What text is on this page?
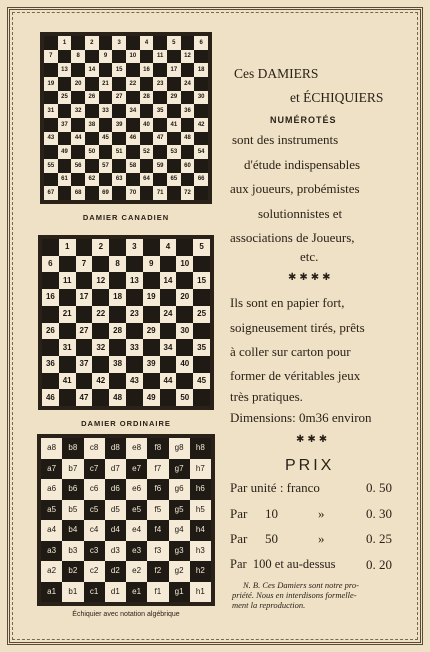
1	2	3	4	5	6
7	8	9	10	11	12
13	14	15	16	17	18
19	20	21	22	23	24
25	26	27	28	29	30
31	32	33	34	35	36
37	38	39	40	41	42
43	44	45	46	47	48
49	50	51	52	53	54
55	56	57	58	59	60
61	62	63	64	65	66
67	68	69	70	71	72
DAMIER CANADIEN
1	2	3	4	5
6	7	8	9	10
11	12	13	14	15
16	17	18	19	20
21	22	23	24	25
26	27	28	29	30
31	32	33	34	35
36	37	38	39	40
41	42	43	44	45
46	47	48	49	50
DAMIER ORDINAIRE
a8	b8	c8	d8	e8	f8	g8	h8
a7	b7	c7	d7	e7	f7	g7	h7
a6	b6	c6	d6	e6	f6	g6	h6
a5	b5	c5	d5	e5	f5	g5	h5
a4	b4	c4	d4	e4	f4	g4	h4
a3	b3	c3	d3	e3	f3	g3	h3
a2	b2	c2	d2	e2	f2	g2	h2
a1	b1	c1	d1	e1	f1	g1	h1
Échiquier avec notation algébrique
Ces DAMIERS
et ÉCHIQUIERS
NUMÉROTÉS
sont des instruments
d'étude indispensables
aux joueurs, probémistes
solutionnistes et
associations de Joueurs,
etc.
✱✱✱✱
Ils sont en papier fort,
soigneusement tirés, prêts
à coller sur carton pour
former de véritables jeux
très pratiques.
Dimensions: 0m36 environ
✱✱✱
PRIX
Par unité : franco	0. 50
Par 10	»	0. 30
Par 50	»	0. 25
Par  100 et au-dessus 0. 20
N. B. Ces Damiers sont notre pro-
priété. Nous en interdisons formelle-
ment la reproduction.
